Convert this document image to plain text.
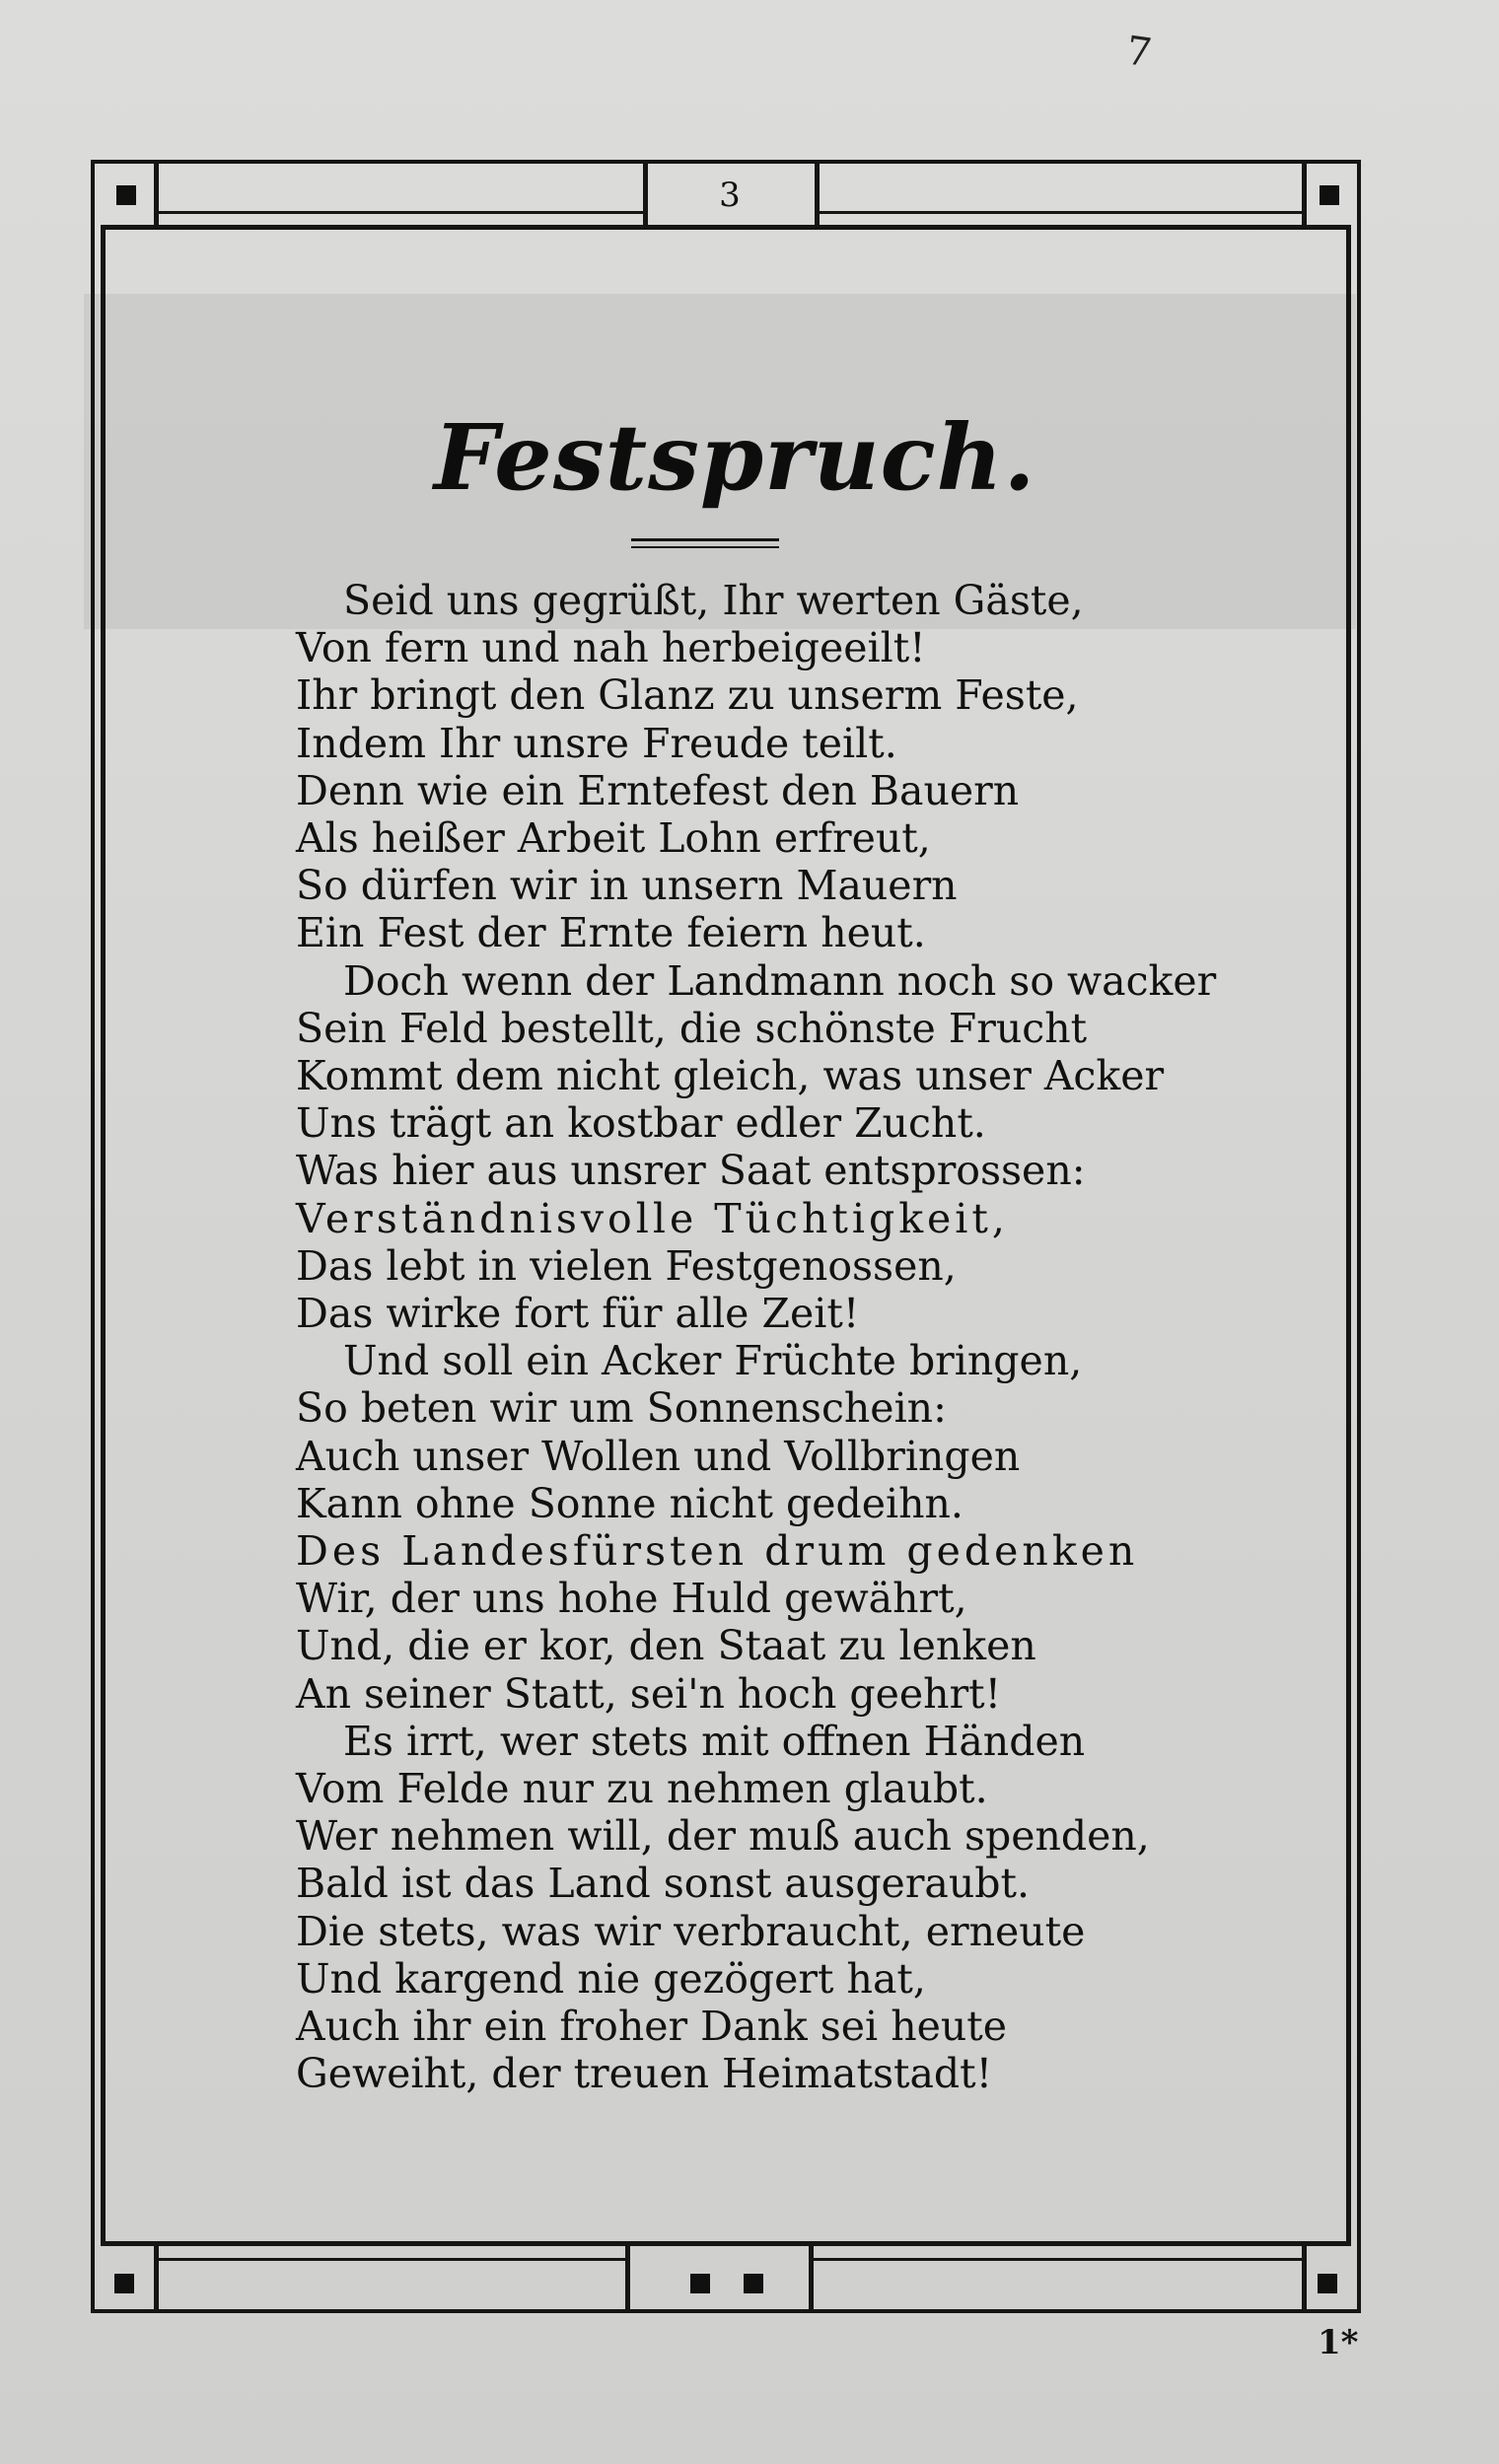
7
3
Festspruch.
Seid uns gegrüßt, Ihr werten Gäste,
Von fern und nah herbeigeeilt!
Ihr bringt den Glanz zu unserm Feste,
Indem Ihr unsre Freude teilt.
Denn wie ein Erntefest den Bauern
Als heißer Arbeit Lohn erfreut,
So dürfen wir in unsern Mauern
Ein Fest der Ernte feiern heut.
Doch wenn der Landmann noch so wacker
Sein Feld bestellt, die schönste Frucht
Kommt dem nicht gleich, was unser Acker
Uns trägt an kostbar edler Zucht.
Was hier aus unsrer Saat entsprossen:
Verständnisvolle Tüchtigkeit,
Das lebt in vielen Festgenossen,
Das wirke fort für alle Zeit!
Und soll ein Acker Früchte bringen,
So beten wir um Sonnenschein:
Auch unser Wollen und Vollbringen
Kann ohne Sonne nicht gedeihn.
Des Landesfürsten drum gedenken
Wir, der uns hohe Huld gewährt,
Und, die er kor, den Staat zu lenken
An seiner Statt, sei'n hoch geehrt!
Es irrt, wer stets mit offnen Händen
Vom Felde nur zu nehmen glaubt.
Wer nehmen will, der muß auch spenden,
Bald ist das Land sonst ausgeraubt.
Die stets, was wir verbraucht, erneute
Und kargend nie gezögert hat,
Auch ihr ein froher Dank sei heute
Geweiht, der treuen Heimatstadt!
1*
